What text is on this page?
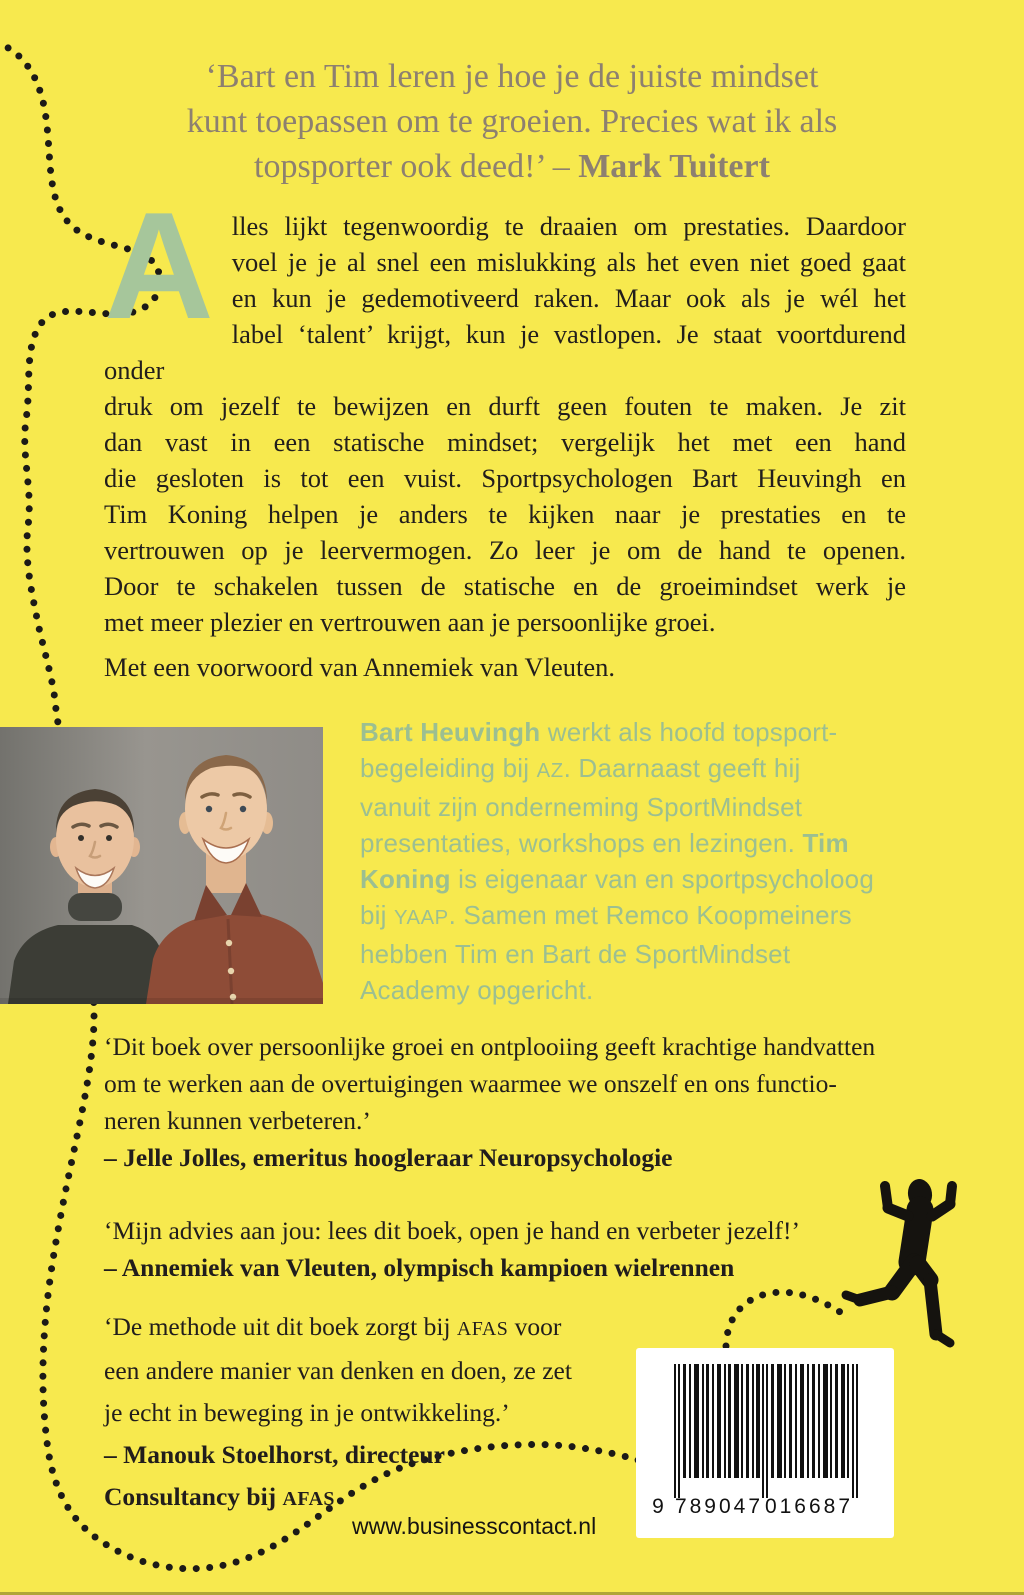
‘Bart en Tim leren je hoe je de juiste mindset
kunt toepassen om te groeien. Precies wat ik als
topsporter ook deed!’ – Mark Tuitert
A lles lijkt tegenwoordig te draaien om prestaties. Daardoor
voel je je al snel een mislukking als het even niet goed gaat
en kun je gedemotiveerd raken. Maar ook als je wél het
label ‘talent’ krijgt, kun je vastlopen. Je staat voortdurend onder
druk om jezelf te bewijzen en durft geen fouten te maken. Je zit
dan vast in een statische mindset; vergelijk het met een hand
die gesloten is tot een vuist. Sportpsychologen Bart Heuvingh en
Tim Koning helpen je anders te kijken naar je prestaties en te
vertrouwen op je leervermogen. Zo leer je om de hand te openen.
Door te schakelen tussen de statische en de groeimindset werk je
met meer plezier en vertrouwen aan je persoonlijke groei.
Met een voorwoord van Annemiek van Vleuten.
Bart Heuvingh werkt als hoofd topsport-
begeleiding bij AZ. Daarnaast geeft hij
vanuit zijn onderneming SportMindset
presentaties, workshops en lezingen. Tim
Koning is eigenaar van en sportpsycholoog
bij YAAP. Samen met Remco Koopmeiners
hebben Tim en Bart de SportMindset
Academy opgericht.
‘Dit boek over persoonlijke groei en ontplooiing geeft krachtige handvatten
om te werken aan de overtuigingen waarmee we onszelf en ons functio-
neren kunnen verbeteren.’
– Jelle Jolles, emeritus hoogleraar Neuropsychologie
‘Mijn advies aan jou: lees dit boek, open je hand en verbeter jezelf!’
– Annemiek van Vleuten, olympisch kampioen wielrennen
‘De methode uit dit boek zorgt bij AFAS voor
een andere manier van denken en doen, ze zet
je echt in beweging in je ontwikkeling.’
– Manouk Stoelhorst, directeur
Consultancy bij AFAS	9 789047 016687
www.businesscontact.nl
